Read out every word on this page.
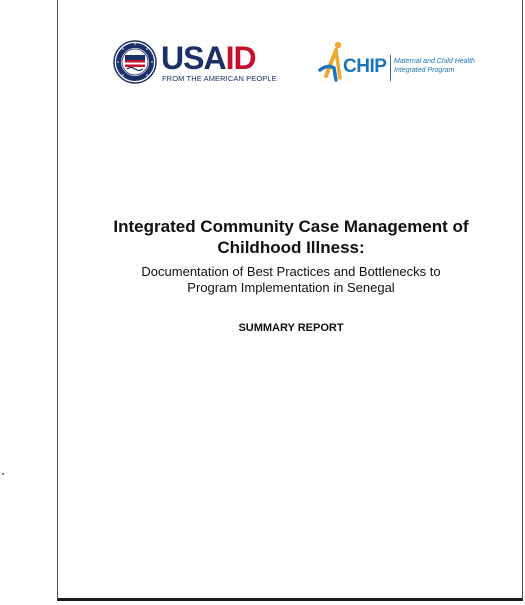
USAID
FROM THE AMERICAN PEOPLE
CHIP Maternal and Child Health
Integrated Program
Integrated Community Case Management of
Childhood Illness:

Documentation of Best Practices and Bottlenecks to
Program Implementation in Senegal

SUMMARY REPORT
